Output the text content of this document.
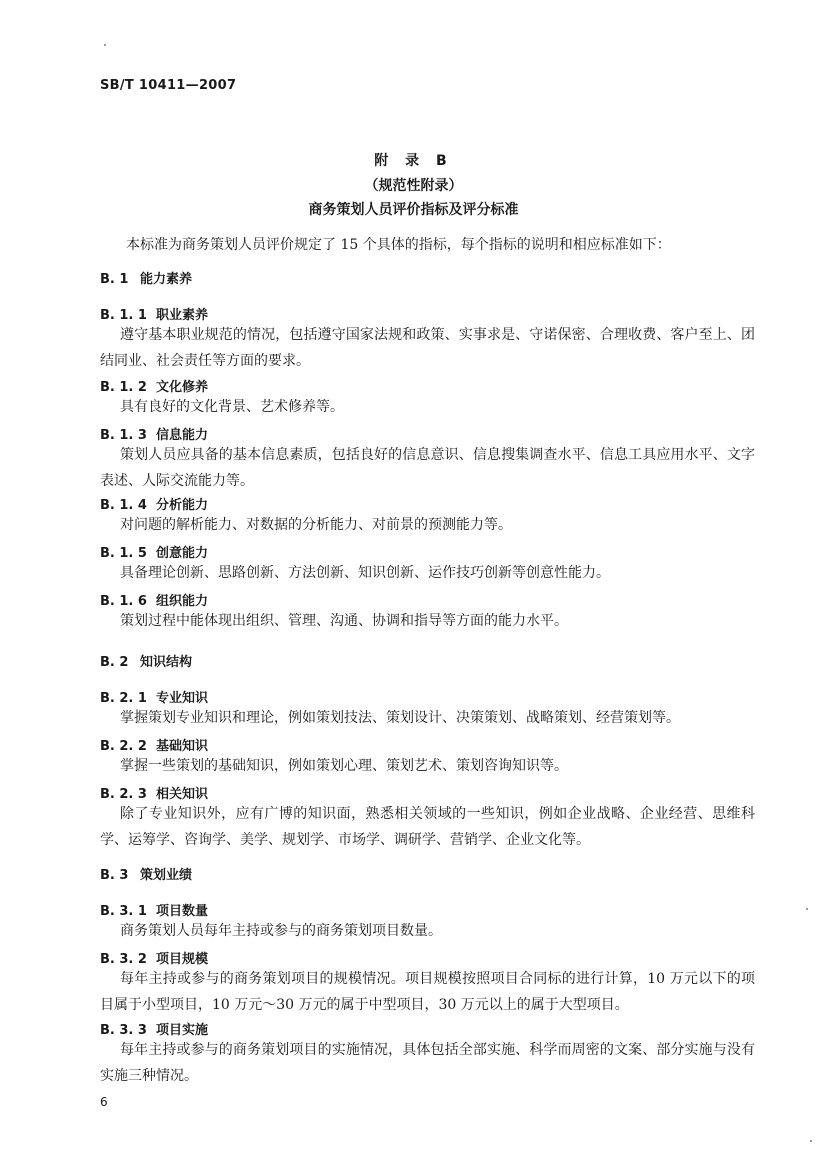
SB/T 10411—2007
附 录 B
（规范性附录）
商务策划人员评价指标及评分标准
本标准为商务策划人员评价规定了 15 个具体的指标，每个指标的说明和相应标准如下：
B. 1 能力素养
B. 1. 1 职业素养
遵守基本职业规范的情况，包括遵守国家法规和政策、实事求是、守诺保密、合理收费、客户至上、团结同业、社会责任等方面的要求。
B. 1. 2 文化修养
具有良好的文化背景、艺术修养等。
B. 1. 3 信息能力
策划人员应具备的基本信息素质，包括良好的信息意识、信息搜集调查水平、信息工具应用水平、文字表述、人际交流能力等。
B. 1. 4 分析能力
对问题的解析能力、对数据的分析能力、对前景的预测能力等。
B. 1. 5 创意能力
具备理论创新、思路创新、方法创新、知识创新、运作技巧创新等创意性能力。
B. 1. 6 组织能力
策划过程中能体现出组织、管理、沟通、协调和指导等方面的能力水平。
B. 2 知识结构
B. 2. 1 专业知识
掌握策划专业知识和理论，例如策划技法、策划设计、决策策划、战略策划、经营策划等。
B. 2. 2 基础知识
掌握一些策划的基础知识，例如策划心理、策划艺术、策划咨询知识等。
B. 2. 3 相关知识
除了专业知识外，应有广博的知识面，熟悉相关领域的一些知识，例如企业战略、企业经营、思维科学、运筹学、咨询学、美学、规划学、市场学、调研学、营销学、企业文化等。
B. 3 策划业绩
B. 3. 1 项目数量
商务策划人员每年主持或参与的商务策划项目数量。
B. 3. 2 项目规模
每年主持或参与的商务策划项目的规模情况。项目规模按照项目合同标的进行计算，10 万元以下的项目属于小型项目，10 万元～30 万元的属于中型项目，30 万元以上的属于大型项目。
B. 3. 3 项目实施
每年主持或参与的商务策划项目的实施情况，具体包括全部实施、科学而周密的文案、部分实施与没有实施三种情况。
6
